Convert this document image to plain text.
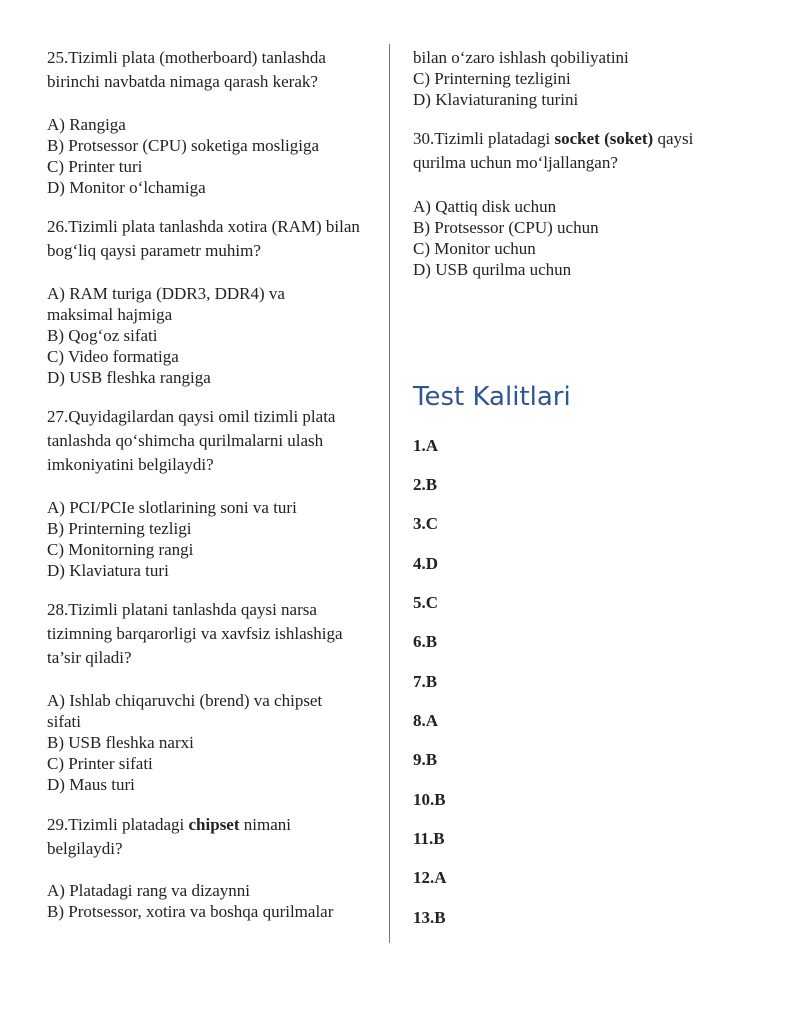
25.Tizimli plata (motherboard) tanlashda birinchi navbatda nimaga qarash kerak?

A) Rangiga

B) Protsessor (CPU) soketiga mosligiga

C) Printer turi

D) Monitor o‘lchamiga

26.Tizimli plata tanlashda xotira (RAM) bilan bog‘liq qaysi parametr muhim?

A) RAM turiga (DDR3, DDR4) va maksimal hajmiga

B) Qog‘oz sifati

C) Video formatiga

D) USB fleshka rangiga

27.Quyidagilardan qaysi omil tizimli plata tanlashda qo‘shimcha qurilmalarni ulash imkoniyatini belgilaydi?

A) PCI/PCIe slotlarining soni va turi

B) Printerning tezligi

C) Monitorning rangi

D) Klaviatura turi

28.Tizimli platani tanlashda qaysi narsa tizimning barqarorligi va xavfsiz ishlashiga ta’sir qiladi?

A) Ishlab chiqaruvchi (brend) va chipset sifati

B) USB fleshka narxi

C) Printer sifati

D) Maus turi

29.Tizimli platadagi chipset nimani belgilaydi?

A) Platadagi rang va dizaynni

B) Protsessor, xotira va boshqa qurilmalar

bilan o‘zaro ishlash qobiliyatini

C) Printerning tezligini

D) Klaviaturaning turini

30.Tizimli platadagi socket (soket) qaysi qurilma uchun mo‘ljallangan?

A) Qattiq disk uchun

B) Protsessor (CPU) uchun

C) Monitor uchun

D) USB qurilma uchun

Test Kalitlari

1.A

2.B

3.C

4.D

5.C

6.B

7.B

8.A

9.B

10.B

11.B

12.A

13.B
